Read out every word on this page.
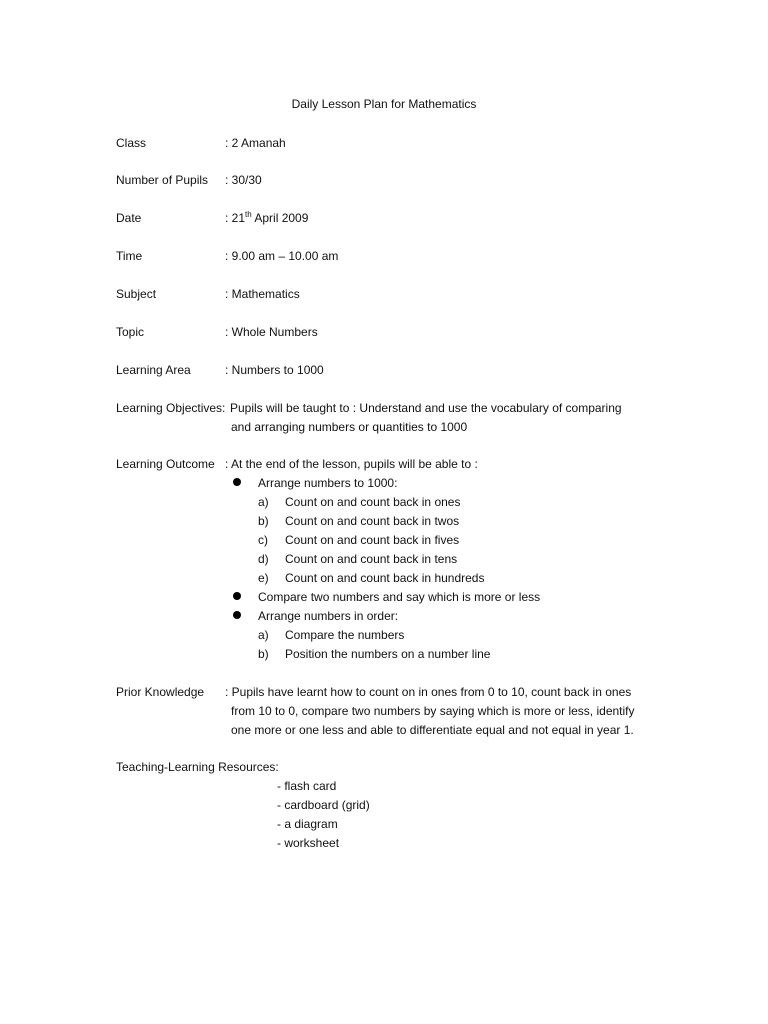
Daily Lesson Plan for Mathematics
Class	: 2 Amanah
Number of Pupils : 30/30
Date	: 21th April 2009
Time	: 9.00 am – 10.00 am
Subject	: Mathematics
Topic	: Whole Numbers
Learning Area	: Numbers to 1000
Learning Objectives: Pupils will be taught to : Understand and use the vocabulary of comparing
and arranging numbers or quantities to 1000
Learning Outcome : At the end of the lesson, pupils will be able to :
Arrange numbers to 1000:
a) Count on and count back in ones
b) Count on and count back in twos
c) Count on and count back in fives
d) Count on and count back in tens
e) Count on and count back in hundreds
Compare two numbers and say which is more or less
Arrange numbers in order:
a) Compare the numbers
b) Position the numbers on a number line
Prior Knowledge : Pupils have learnt how to count on in ones from 0 to 10, count back in ones
from 10 to 0, compare two numbers by saying which is more or less, identify
one more or one less and able to differentiate equal and not equal in year 1.
Teaching-Learning Resources:
- flash card
- cardboard (grid)
- a diagram
- worksheet
